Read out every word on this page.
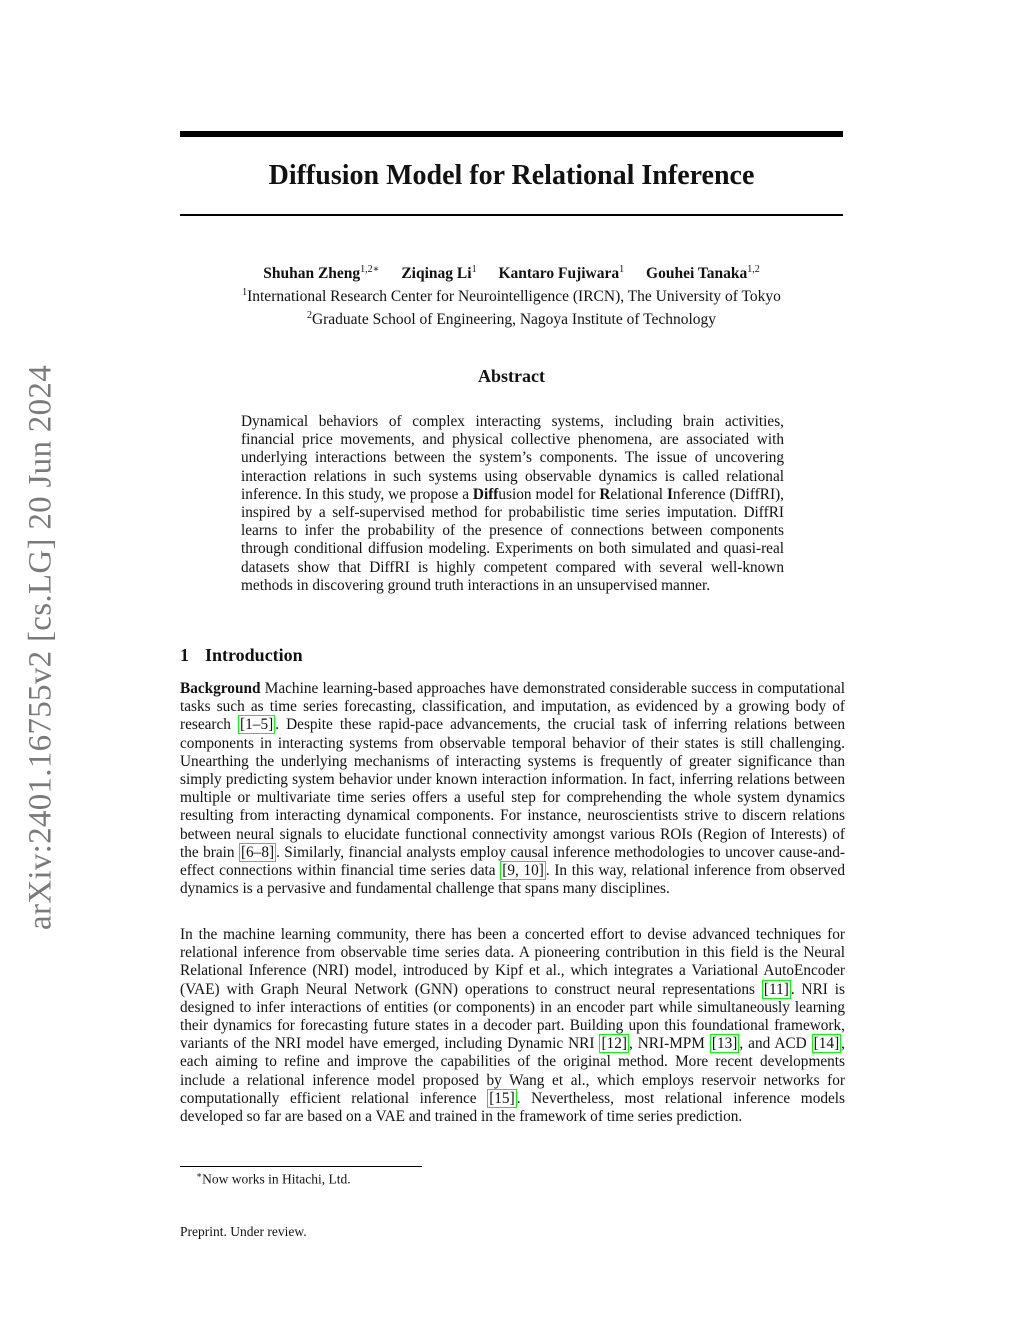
arXiv:2401.16755v2 [cs.LG] 20 Jun 2024
Diffusion Model for Relational Inference
Shuhan Zheng$^{1,2∗}$ Ziqinag Li$^1$ Kantaro Fujiwara$^1$ Gouhei Tanaka$^{1,2}$
$^1$International Research Center for Neurointelligence (IRCN), The University of Tokyo
$^2$Graduate School of Engineering, Nagoya Institute of Technology
Abstract

Dynamical behaviors of complex interacting systems, including brain activities, financial price movements, and physical collective phenomena, are associated with underlying interactions between the system’s components. The issue of uncovering interaction relations in such systems using observable dynamics is called relational inference. In this study, we propose a Diffusion model for Relational Inference (DiffRI), inspired by a self-supervised method for probabilistic time series imputation. DiffRI learns to infer the probability of the presence of connections between components through conditional diffusion modeling. Experiments on both simulated and quasi-real datasets show that DiffRI is highly competent compared with several well-known methods in discovering ground truth interactions in an unsupervised manner.

1 Introduction

Background Machine learning-based approaches have demonstrated considerable success in computational tasks such as time series forecasting, classification, and imputation, as evidenced by a growing body of research [1–5] . Despite these rapid-pace advancements, the crucial task of inferring relations between components in interacting systems from observable temporal behavior of their states is still challenging. Unearthing the underlying mechanisms of interacting systems is frequently of greater significance than simply predicting system behavior under known interaction information. In fact, inferring relations between multiple or multivariate time series offers a useful step for comprehending the whole system dynamics resulting from interacting dynamical components. For instance, neuroscientists strive to discern relations between neural signals to elucidate functional connectivity amongst various ROIs (Region of Interests) of the brain [6–8] . Similarly, financial analysts employ causal inference methodologies to uncover cause-and-effect connections within financial time series data [9, 10] . In this way, relational inference from observed dynamics is a pervasive and fundamental challenge that spans many disciplines.

In the machine learning community, there has been a concerted effort to devise advanced techniques for relational inference from observable time series data. A pioneering contribution in this field is the Neural Relational Inference (NRI) model, introduced by Kipf et al., which integrates a Variational AutoEncoder (VAE) with Graph Neural Network (GNN) operations to construct neural representations [11] . NRI is designed to infer interactions of entities (or components) in an encoder part while simultaneously learning their dynamics for forecasting future states in a decoder part. Building upon this foundational framework, variants of the NRI model have emerged, including Dynamic NRI [12] , NRI-MPM [13] , and ACD [14] , each aiming to refine and improve the capabilities of the original method. More recent developments include a relational inference model proposed by Wang et al., which employs reservoir networks for computationally efficient relational inference [15] . Nevertheless, most relational inference models developed so far are based on a VAE and trained in the framework of time series prediction.

∗Now works in Hitachi, Ltd.

Preprint. Under review.
